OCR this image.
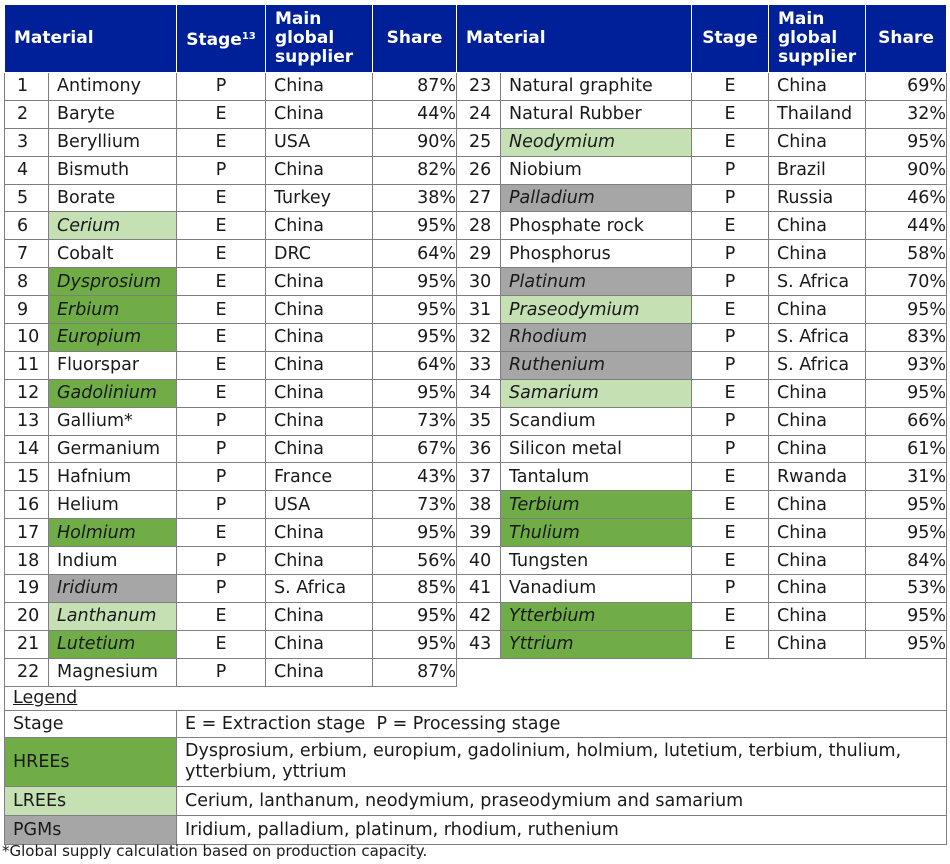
Material		Stage$^{13}$	Main global supplier	Share	Material		Stage	Main global supplier	Share
1	Antimony	P	China	87%	23	Natural graphite	E	China	69%
2	Baryte	E	China	44%	24	Natural Rubber	E	Thailand	32%
3	Beryllium	E	USA	90%	25	Neodymium	E	China	95%
4	Bismuth	P	China	82%	26	Niobium	P	Brazil	90%
5	Borate	E	Turkey	38%	27	Palladium	P	Russia	46%
6	Cerium	E	China	95%	28	Phosphate rock	E	China	44%
7	Cobalt	E	DRC	64%	29	Phosphorus	P	China	58%
8	Dysprosium	E	China	95%	30	Platinum	P	S. Africa	70%
9	Erbium	E	China	95%	31	Praseodymium	E	China	95%
10	Europium	E	China	95%	32	Rhodium	P	S. Africa	83%
11	Fluorspar	E	China	64%	33	Ruthenium	P	S. Africa	93%
12	Gadolinium	E	China	95%	34	Samarium	E	China	95%
13	Gallium*	P	China	73%	35	Scandium	P	China	66%
14	Germanium	P	China	67%	36	Silicon metal	P	China	61%
15	Hafnium	P	France	43%	37	Tantalum	E	Rwanda	31%
16	Helium	P	USA	73%	38	Terbium	E	China	95%
17	Holmium	E	China	95%	39	Thulium	E	China	95%
18	Indium	P	China	56%	40	Tungsten	E	China	84%
19	Iridium	P	S. Africa	85%	41	Vanadium	P	China	53%
20	Lanthanum	E	China	95%	42	Ytterbium	E	China	95%
21	Lutetium	E	China	95%	43	Yttrium	E	China	95%
22	Magnesium	P	China	87%					
Legend	
Stage	E = Extraction stage  P = Processing stage
HREEs	Dysprosium, erbium, europium, gadolinium, holmium, lutetium, terbium, thulium, ytterbium, yttrium
LREEs	Cerium, lanthanum, neodymium, praseodymium and samarium
PGMs	Iridium, palladium, platinum, rhodium, ruthenium
*Global supply calculation based on production capacity.
